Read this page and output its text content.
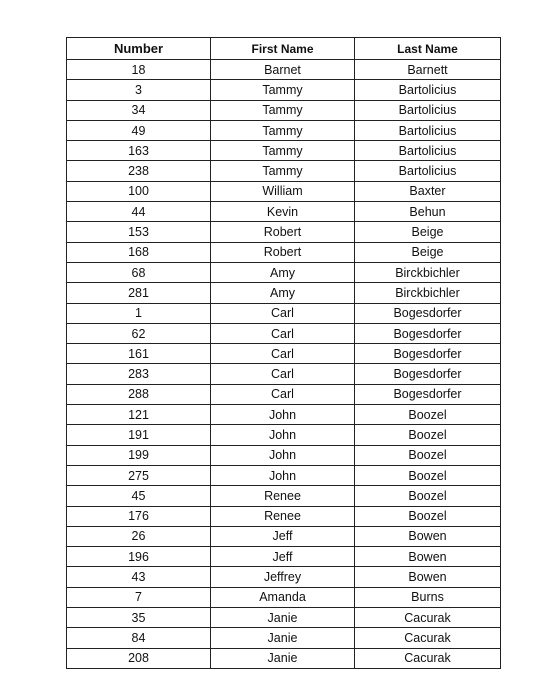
Number	First Name	Last Name
18	Barnet	Barnett
3	Tammy	Bartolicius
34	Tammy	Bartolicius
49	Tammy	Bartolicius
163	Tammy	Bartolicius
238	Tammy	Bartolicius
100	William	Baxter
44	Kevin	Behun
153	Robert	Beige
168	Robert	Beige
68	Amy	Birckbichler
281	Amy	Birckbichler
1	Carl	Bogesdorfer
62	Carl	Bogesdorfer
161	Carl	Bogesdorfer
283	Carl	Bogesdorfer
288	Carl	Bogesdorfer
121	John	Boozel
191	John	Boozel
199	John	Boozel
275	John	Boozel
45	Renee	Boozel
176	Renee	Boozel
26	Jeff	Bowen
196	Jeff	Bowen
43	Jeffrey	Bowen
7	Amanda	Burns
35	Janie	Cacurak
84	Janie	Cacurak
208	Janie	Cacurak
